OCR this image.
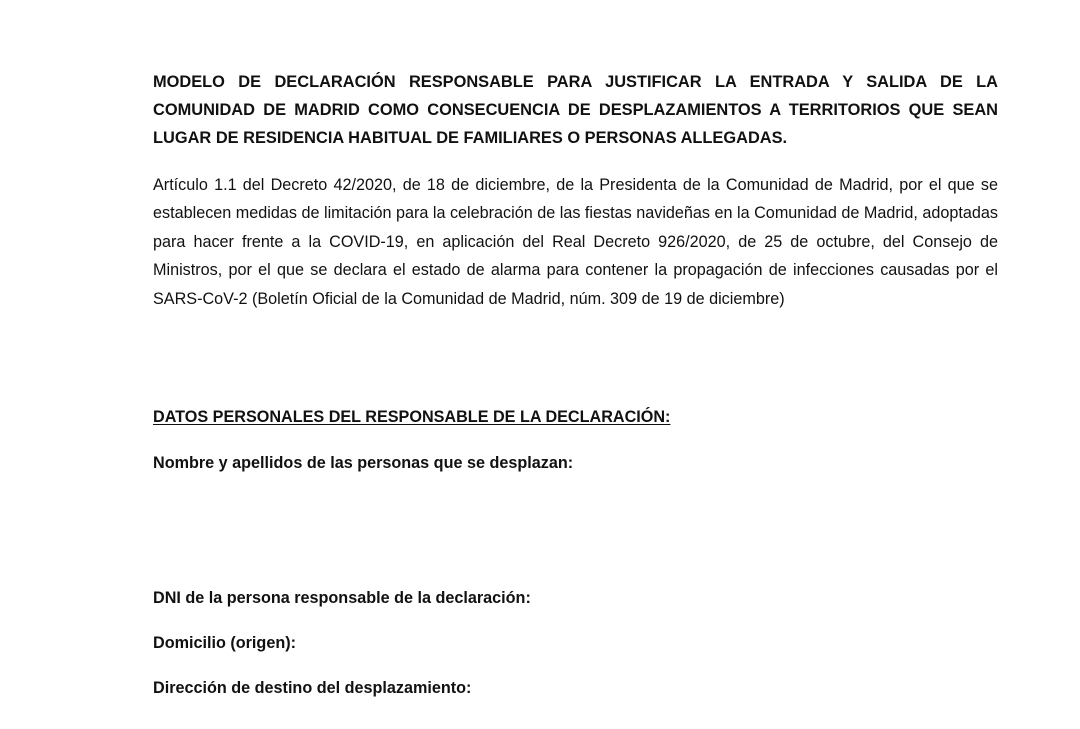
MODELO DE DECLARACIÓN RESPONSABLE PARA JUSTIFICAR LA ENTRADA Y SALIDA DE LA COMUNIDAD DE MADRID COMO CONSECUENCIA DE DESPLAZAMIENTOS A TERRITORIOS QUE SEAN LUGAR DE RESIDENCIA HABITUAL DE FAMILIARES O PERSONAS ALLEGADAS.

Artículo 1.1 del Decreto 42/2020, de 18 de diciembre, de la Presidenta de la Comunidad de Madrid, por el que se establecen medidas de limitación para la celebración de las fiestas navideñas en la Comunidad de Madrid, adoptadas para hacer frente a la COVID-19, en aplicación del Real Decreto 926/2020, de 25 de octubre, del Consejo de Ministros, por el que se declara el estado de alarma para contener la propagación de infecciones causadas por el SARS-CoV-2 (Boletín Oficial de la Comunidad de Madrid, núm. 309 de 19 de diciembre)

DATOS PERSONALES DEL RESPONSABLE DE LA DECLARACIÓN:

Nombre y apellidos de las personas que se desplazan:

DNI de la persona responsable de la declaración:

Domicilio (origen):

Dirección de destino del desplazamiento:
